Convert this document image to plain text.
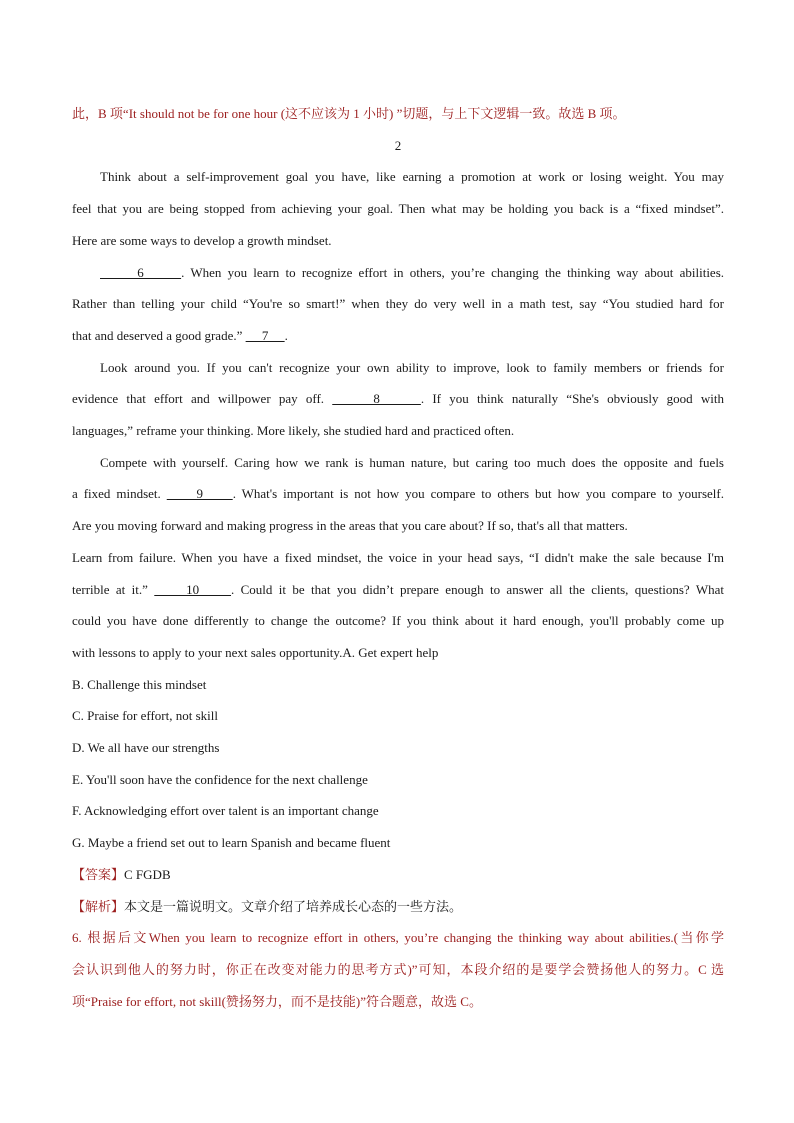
此，B 项“It should not be for one hour (这不应该为 1 小时) ”切题，与上下文逻辑一致。故选 B 项。
2
Think about a self-improvement goal you have, like earning a promotion at work or losing weight. You may
feel that you are being stopped from achieving your goal. Then what may be holding you back is a “fixed mindset”.
Here are some ways to develop a growth mindset.
6      . When you learn to recognize effort in others, you’re changing the thinking way about abilities.
Rather than telling your child “You're so smart!” when they do very well in a math test, say “You studied hard for
that and deserved a good grade.”      7     .
Look around you. If you can't recognize your own ability to improve, look to family members or friends for
evidence that effort and willpower pay off.      8     . If you think naturally “She's obviously good with
languages,” reframe your thinking. More likely, she studied hard and practiced often.
Compete with yourself. Caring how we rank is human nature, but caring too much does the opposite and fuels
a fixed mindset.      9     . What's important is not how you compare to others but how you compare to yourself.
Are you moving forward and making progress in the areas that you care about? If so, that's all that matters.
Learn from failure. When you have a fixed mindset, the voice in your head says, “I didn't make the sale because I'm
terrible at it.”      10     . Could it be that you didn’t prepare enough to answer all the clients, questions? What
could you have done differently to change the outcome? If you think about it hard enough, you'll probably come up
with lessons to apply to your next sales opportunity.A. Get expert help
B. Challenge this mindset
C. Praise for effort, not skill
D. We all have our strengths
E. You'll soon have the confidence for the next challenge
F. Acknowledging effort over talent is an important change
G. Maybe a friend set out to learn Spanish and became fluent
【答案】C FGDB
【解析】本文是一篇说明文。文章介绍了培养成长心态的一些方法。
6. 根据后文When you learn to recognize effort in others, you’re changing the thinking way about abilities.(当你学
会认识到他人的努力时，你正在改变对能力的思考方式)”可知，本段介绍的是要学会赞扬他人的努力。C 选
项“Praise for effort, not skill(赞扬努力，而不是技能)”符合题意，故选 C。
